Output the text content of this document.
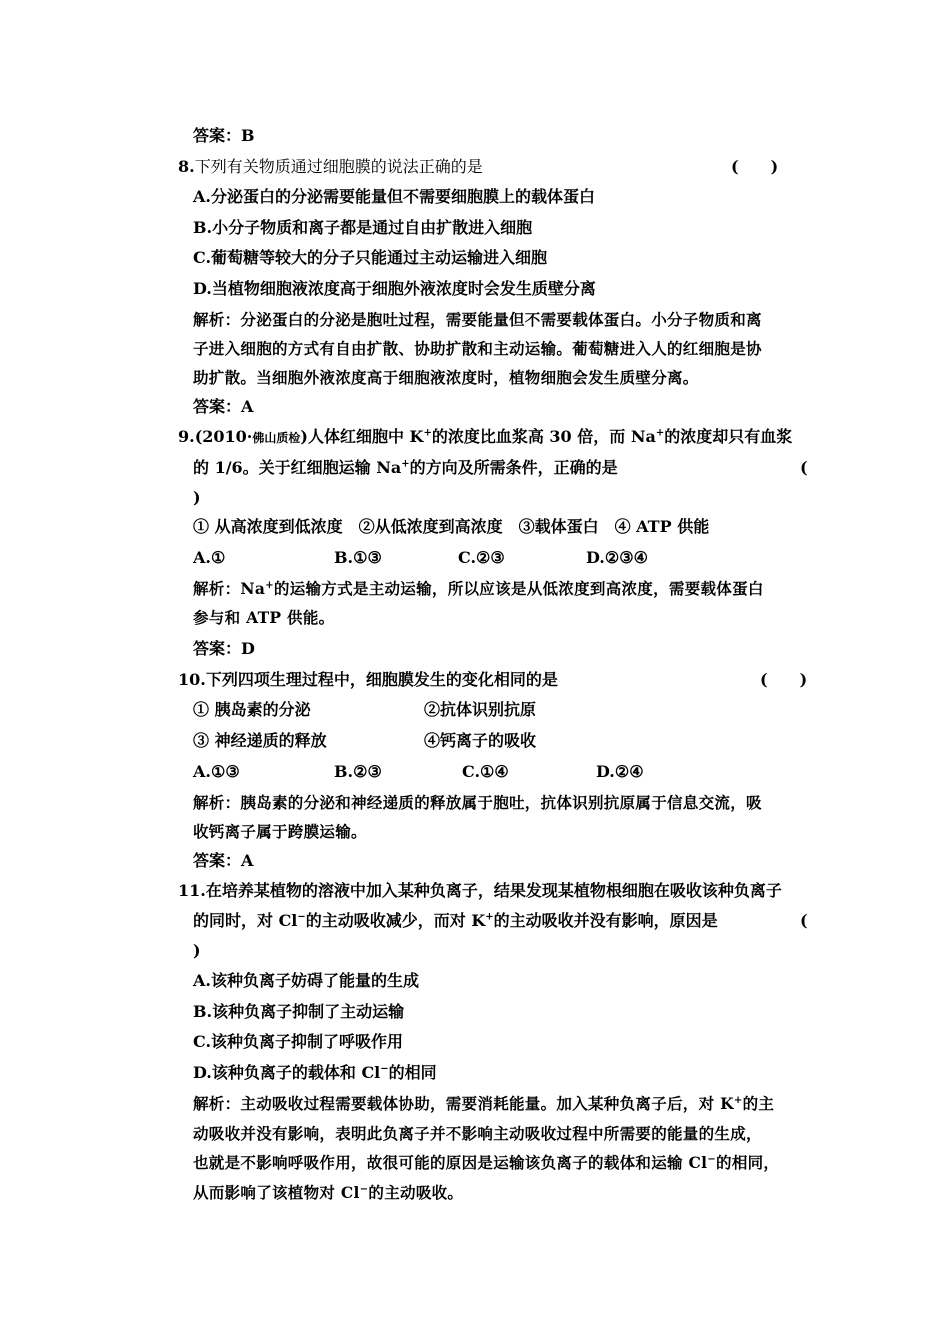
答案：B
8.下列有关物质通过细胞膜的说法正确的是	(　　)
A.分泌蛋白的分泌需要能量但不需要细胞膜上的载体蛋白
B.小分子物质和离子都是通过自由扩散进入细胞
C.葡萄糖等较大的分子只能通过主动运输进入细胞
D.当植物细胞液浓度高于细胞外液浓度时会发生质壁分离
解析：分泌蛋白的分泌是胞吐过程，需要能量但不需要载体蛋白。小分子物质和离
子进入细胞的方式有自由扩散、协助扩散和主动运输。葡萄糖进入人的红细胞是协
助扩散。当细胞外液浓度高于细胞液浓度时，植物细胞会发生质壁分离。
答案：A
9.(2010·佛山质检)人体红细胞中 K+的浓度比血浆高 30 倍，而 Na+的浓度却只有血浆
的 1/6。关于红细胞运输 Na+的方向及所需条件，正确的是	(
)
① 从高浓度到低浓度　②从低浓度到高浓度　③载体蛋白　④ ATP 供能
A.①	B.①③	C.②③	D.②③④
解析：Na+的运输方式是主动运输，所以应该是从低浓度到高浓度，需要载体蛋白
参与和 ATP 供能。
答案：D
10.下列四项生理过程中，细胞膜发生的变化相同的是	(　　)
① 胰岛素的分泌	②抗体识别抗原
③ 神经递质的释放	④钙离子的吸收
A.①③	B.②③	C.①④	D.②④
解析：胰岛素的分泌和神经递质的释放属于胞吐，抗体识别抗原属于信息交流，吸
收钙离子属于跨膜运输。
答案：A
11.在培养某植物的溶液中加入某种负离子，结果发现某植物根细胞在吸收该种负离子
的同时，对 Cl−的主动吸收减少，而对 K+的主动吸收并没有影响，原因是	(
)
A.该种负离子妨碍了能量的生成
B.该种负离子抑制了主动运输
C.该种负离子抑制了呼吸作用
D.该种负离子的载体和 Cl−的相同
解析：主动吸收过程需要载体协助，需要消耗能量。加入某种负离子后，对 K+的主
动吸收并没有影响，表明此负离子并不影响主动吸收过程中所需要的能量的生成，
也就是不影响呼吸作用，故很可能的原因是运输该负离子的载体和运输 Cl−的相同，
从而影响了该植物对 Cl−的主动吸收。
